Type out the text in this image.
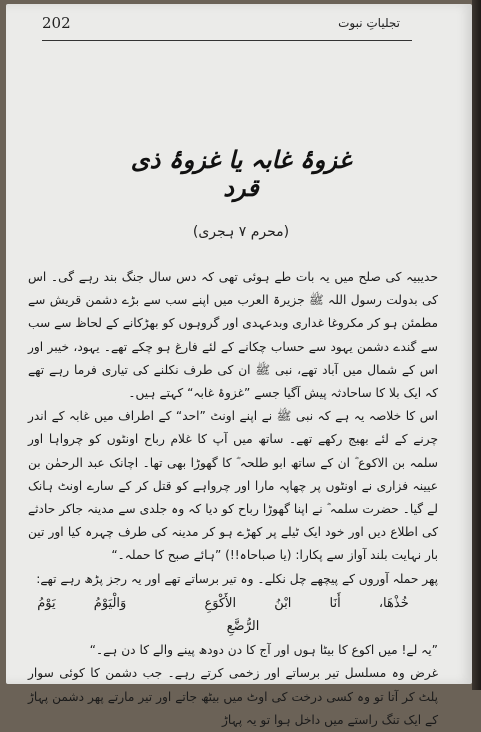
202	تجلیاتِ نبوت
غزوۂ غابہ یا غزوۂ ذی قرد
(محرم ۷ ہجری)

حدیبیہ کی صلح میں یہ بات طے ہوئی تھی کہ دس سال جنگ بند رہے گی۔ اس کی بدولت رسول اللہ ﷺ جزیرۃ العرب میں اپنے سب سے بڑے دشمن قریش سے مطمئن ہو کر مکروغا غداری وبدعہدی اور گروہوں کو بھڑکانے کے لحاظ سے سب سے گندے دشمن یہود سے حساب چکانے کے لئے فارغ ہو چکے تھے۔ یہود، خیبر اور اس کے شمال میں آباد تھے، نبی ﷺ ان کی طرف نکلنے کی تیاری فرما رہے تھے کہ ایک بلا کا ساحادثہ پیش آگیا جسے ”غزوۂ غابہ“ کہتے ہیں۔

اس کا خلاصہ یہ ہے کہ نبی ﷺ نے اپنے اونٹ ”احد“ کے اطراف میں غابہ کے اندر چرنے کے لئے بھیج رکھے تھے۔ ساتھ میں آپ کا غلام رباح اونٹوں کو چرواہا اور سلمہ بن الاکوع ؓ ان کے ساتھ ابو طلحہ ؓ کا گھوڑا بھی تھا۔ اچانک عبد الرحمٰن بن عیینہ فزاری نے اونٹوں پر چھاپہ مارا اور چرواہے کو قتل کر کے سارے اونٹ ہانک لے گیا۔ حضرت سلمہ ؓ نے اپنا گھوڑا رباح کو دیا کہ وہ جلدی سے مدینہ جاکر حادثے کی اطلاع دیں اور خود ایک ٹیلے پر کھڑے ہو کر مدینہ کی طرف چہرہ کیا اور تین بار نہایت بلند آواز سے پکارا: (یا صباحاہ!!) ”ہائے صبح کا حملہ۔“

پھر حملہ آوروں کے پیچھے چل نکلے۔ وہ تیر برساتے تھے اور یہ رجز پڑھ رہے تھے:

خُذْهَا، أَنَا ابْنُ الأَكْوَعِ وَالْيَوْمُ يَوْمُ الرُّضَّعِ

”یہ لے! میں اکوع کا بیٹا ہوں اور آج کا دن دودھ پینے والے کا دن ہے۔“

غرض وہ مسلسل تیر برساتے اور زخمی کرتے رہے۔ جب دشمن کا کوئی سوار پلٹ کر آتا تو وہ کسی درخت کی اوٹ میں بیٹھ جاتے اور تیر مارتے پھر دشمن پہاڑ کے ایک تنگ راستے میں داخل ہوا تو یہ پہاڑ
